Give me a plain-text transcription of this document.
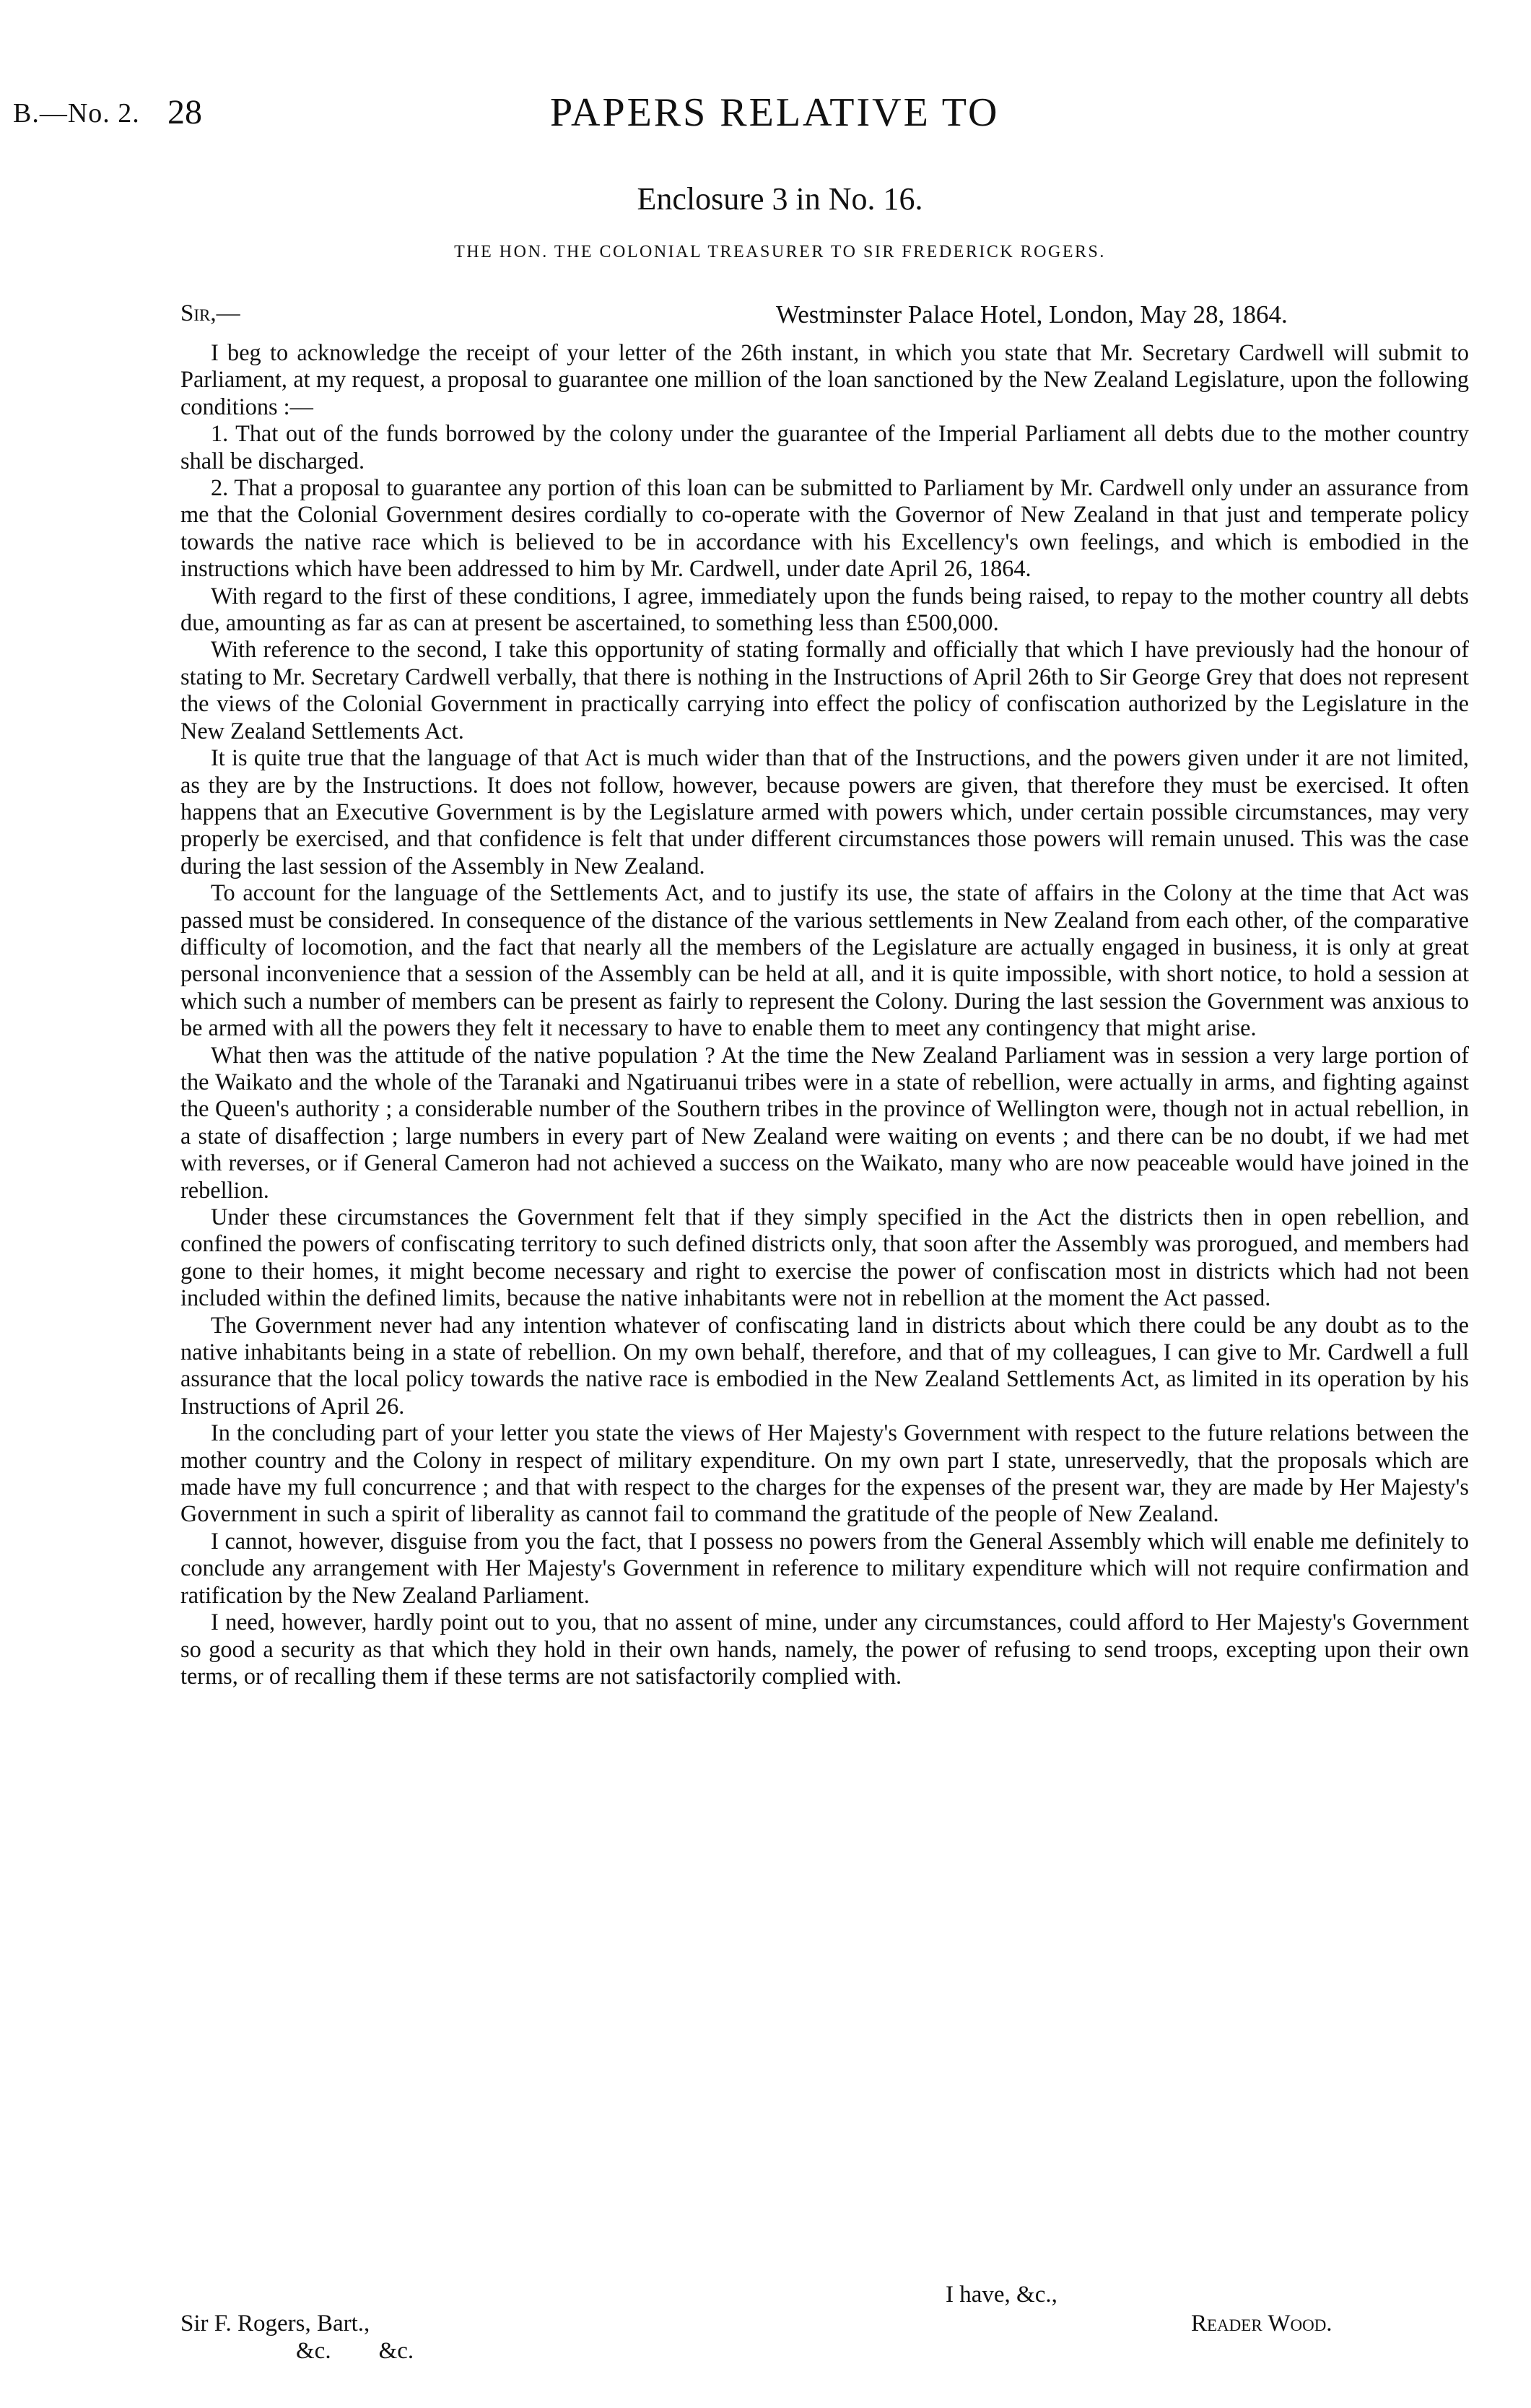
B.—No. 2. 28	PAPERS RELATIVE TO
Enclosure 3 in No. 16.
THE HON. THE COLONIAL TREASURER TO SIR FREDERICK ROGERS.
Sir,—	Westminster Palace Hotel, London, May 28, 1864.

I beg to acknowledge the receipt of your letter of the 26th instant, in which you state that Mr. Secretary Cardwell will submit to Parliament, at my request, a proposal to guarantee one million of the loan sanctioned by the New Zealand Legislature, upon the following conditions :—

1. That out of the funds borrowed by the colony under the guarantee of the Imperial Parliament all debts due to the mother country shall be discharged.

2. That a proposal to guarantee any portion of this loan can be submitted to Parliament by Mr. Cardwell only under an assurance from me that the Colonial Government desires cordially to co-operate with the Governor of New Zealand in that just and temperate policy towards the native race which is believed to be in accordance with his Excellency's own feelings, and which is embodied in the instructions which have been addressed to him by Mr. Cardwell, under date April 26, 1864.

With regard to the first of these conditions, I agree, immediately upon the funds being raised, to repay to the mother country all debts due, amounting as far as can at present be ascertained, to something less than £500,000.

With reference to the second, I take this opportunity of stating formally and officially that which I have previously had the honour of stating to Mr. Secretary Cardwell verbally, that there is nothing in the Instructions of April 26th to Sir George Grey that does not represent the views of the Colonial Government in practically carrying into effect the policy of confiscation authorized by the Legislature in the New Zealand Settlements Act.

It is quite true that the language of that Act is much wider than that of the Instructions, and the powers given under it are not limited, as they are by the Instructions. It does not follow, however, because powers are given, that therefore they must be exercised. It often happens that an Executive Government is by the Legislature armed with powers which, under certain possible circumstances, may very properly be exercised, and that confidence is felt that under different circumstances those powers will remain unused. This was the case during the last session of the Assembly in New Zealand.

To account for the language of the Settlements Act, and to justify its use, the state of affairs in the Colony at the time that Act was passed must be considered. In consequence of the distance of the various settlements in New Zealand from each other, of the comparative difficulty of locomotion, and the fact that nearly all the members of the Legislature are actually engaged in business, it is only at great personal inconvenience that a session of the Assembly can be held at all, and it is quite impossible, with short notice, to hold a session at which such a number of members can be present as fairly to represent the Colony. During the last session the Government was anxious to be armed with all the powers they felt it necessary to have to enable them to meet any contingency that might arise.

What then was the attitude of the native population ? At the time the New Zealand Parliament was in session a very large portion of the Waikato and the whole of the Taranaki and Ngatiruanui tribes were in a state of rebellion, were actually in arms, and fighting against the Queen's authority ; a considerable number of the Southern tribes in the province of Wellington were, though not in actual rebellion, in a state of disaffection ; large numbers in every part of New Zealand were waiting on events ; and there can be no doubt, if we had met with reverses, or if General Cameron had not achieved a success on the Waikato, many who are now peaceable would have joined in the rebellion.

Under these circumstances the Government felt that if they simply specified in the Act the districts then in open rebellion, and confined the powers of confiscating territory to such defined districts only, that soon after the Assembly was prorogued, and members had gone to their homes, it might become necessary and right to exercise the power of confiscation most in districts which had not been included within the defined limits, because the native inhabitants were not in rebellion at the moment the Act passed.

The Government never had any intention whatever of confiscating land in districts about which there could be any doubt as to the native inhabitants being in a state of rebellion. On my own behalf, therefore, and that of my colleagues, I can give to Mr. Cardwell a full assurance that the local policy towards the native race is embodied in the New Zealand Settlements Act, as limited in its operation by his Instructions of April 26.

In the concluding part of your letter you state the views of Her Majesty's Government with respect to the future relations between the mother country and the Colony in respect of military expenditure. On my own part I state, unreservedly, that the proposals which are made have my full concurrence ; and that with respect to the charges for the expenses of the present war, they are made by Her Majesty's Government in such a spirit of liberality as cannot fail to command the gratitude of the people of New Zealand.

I cannot, however, disguise from you the fact, that I possess no powers from the General Assembly which will enable me definitely to conclude any arrangement with Her Majesty's Government in reference to military expenditure which will not require confirmation and ratification by the New Zealand Parliament.

I need, however, hardly point out to you, that no assent of mine, under any circumstances, could afford to Her Majesty's Government so good a security as that which they hold in their own hands, namely, the power of refusing to send troops, excepting upon their own terms, or of recalling them if these terms are not satisfactorily complied with.

I have, &c.,
Reader Wood.
Sir F. Rogers, Bart.,
&c.        &c.
